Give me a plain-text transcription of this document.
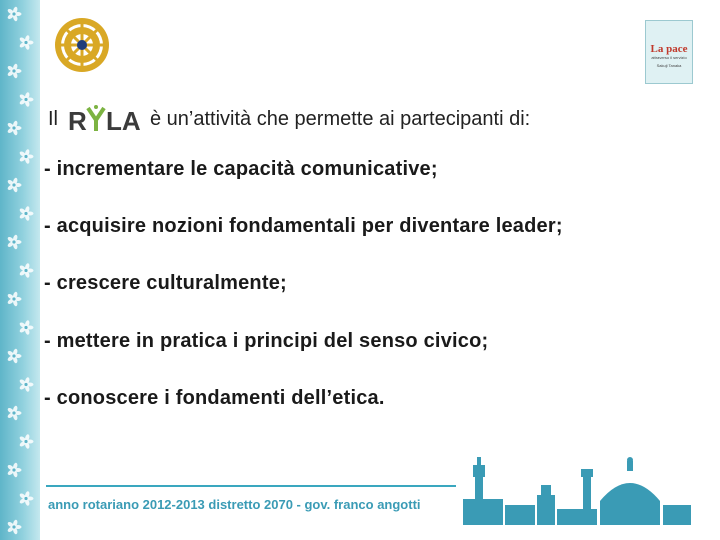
La pace
attraverso il servizio
Sakuji Tanaka
Il R LA è un’attività che permette ai partecipanti di:
- incrementare le capacità comunicative;
- acquisire nozioni fondamentali per diventare leader;
- crescere culturalmente;
- mettere in pratica i principi del senso civico;
- conoscere i fondamenti dell’etica.
anno rotariano 2012-2013 distretto 2070 - gov. franco angotti
